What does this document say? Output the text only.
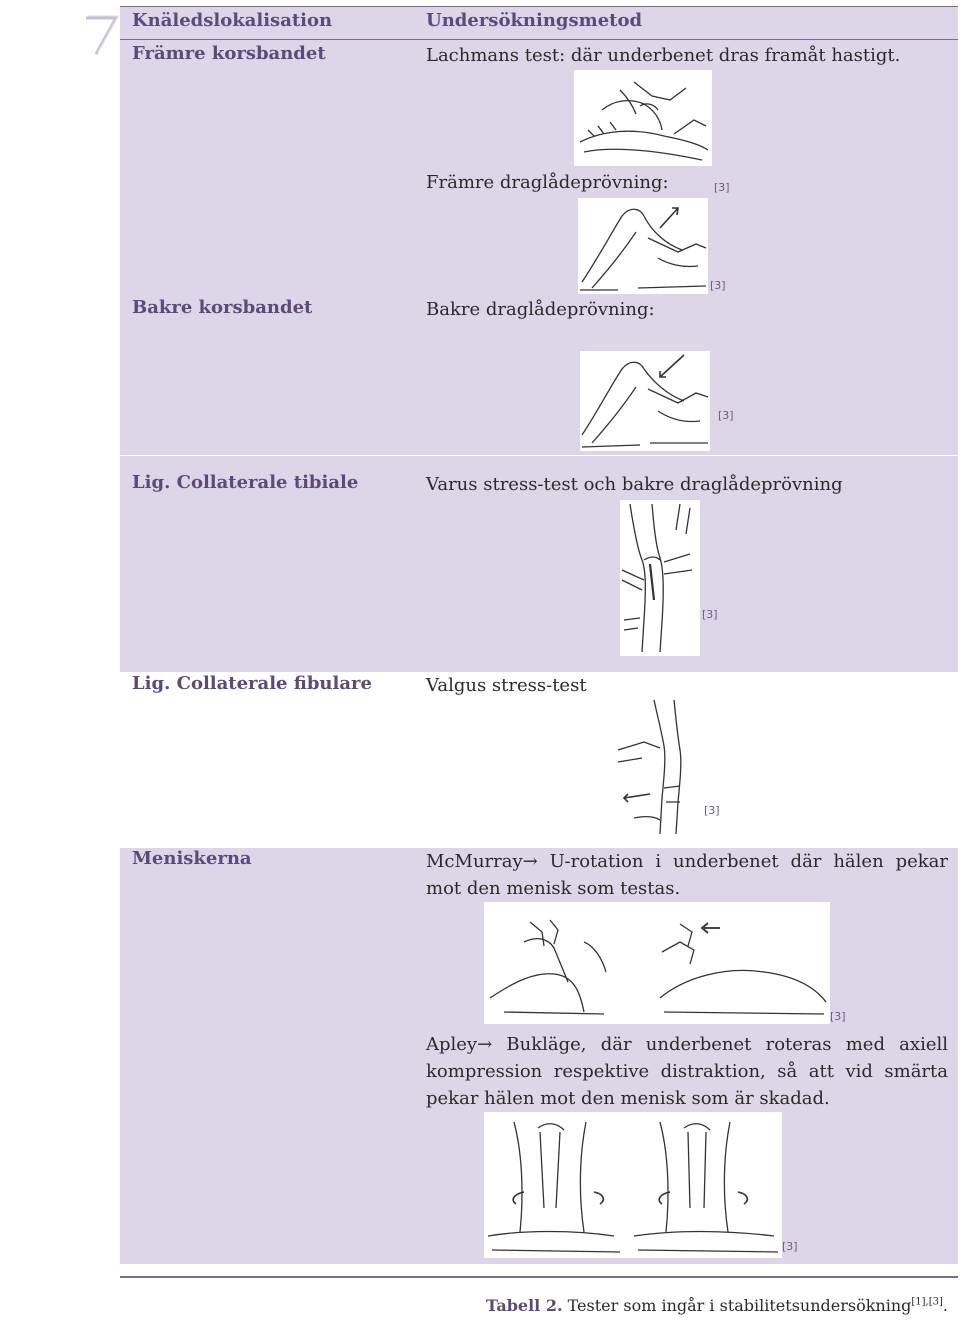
Knäledslokalisation	Undersökningsmetod
Främre korsbandet	Lachmans test: där underbenet dras framåt hastigt.
[3]
Främre draglådeprövning:
[3]
Bakre korsbandet	Bakre draglådeprövning:
[3]
Lig. Collaterale tibiale	Varus stress-test och bakre draglådeprövning
[3]
Lig. Collaterale fibulare	Valgus stress-test
[3]
Meniskerna	McMurray→ U-rotation i underbenet där hälen pekar mot den menisk som testas.
[3]
Apley→ Bukläge, där underbenet roteras med axiell kompression respektive distraktion, så att vid smärta pekar hälen mot den menisk som är skadad.
[3]
Tabell 2. Tester som ingår i stabilitetsundersökning[1],[3].
